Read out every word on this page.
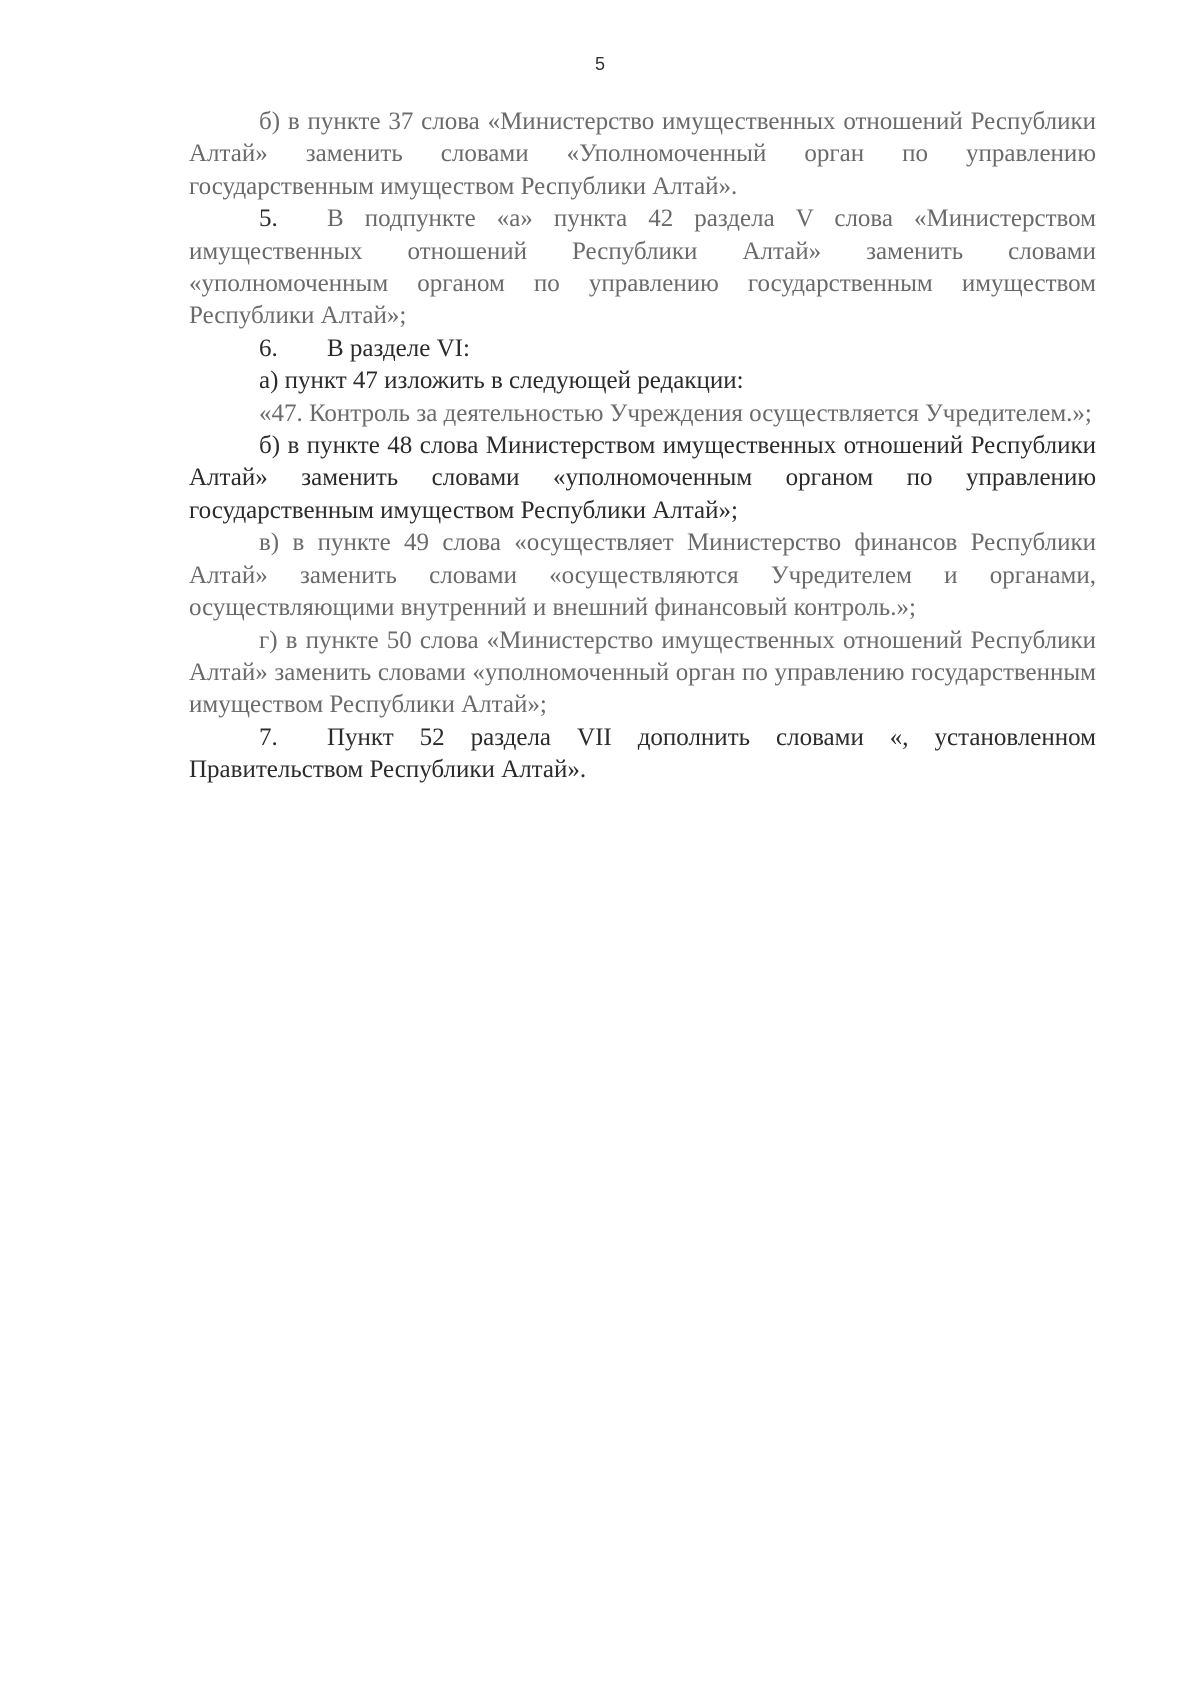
5

б) в пункте 37 слова «Министерство имущественных отношений Республики Алтай» заменить словами «Уполномоченный орган по управлению государственным имуществом Республики Алтай».

5. В подпункте «а» пункта 42 раздела V слова «Министерством имущественных отношений Республики Алтай» заменить словами «уполномоченным органом по управлению государственным имуществом Республики Алтай»;

6. В разделе VI:

а) пункт 47 изложить в следующей редакции:

«47. Контроль за деятельностью Учреждения осуществляется Учредителем.»;

б) в пункте 48 слова Министерством имущественных отношений Республики Алтай» заменить словами «уполномоченным органом по управлению государственным имуществом Республики Алтай»;

в) в пункте 49 слова «осуществляет Министерство финансов Республики Алтай» заменить словами «осуществляются Учредителем и органами, осуществляющими внутренний и внешний финансовый контроль.»;

г) в пункте 50 слова «Министерство имущественных отношений Республики Алтай» заменить словами «уполномоченный орган по управлению государственным имуществом Республики Алтай»;

7. Пункт 52 раздела VII дополнить словами «, установленном Правительством Республики Алтай».
